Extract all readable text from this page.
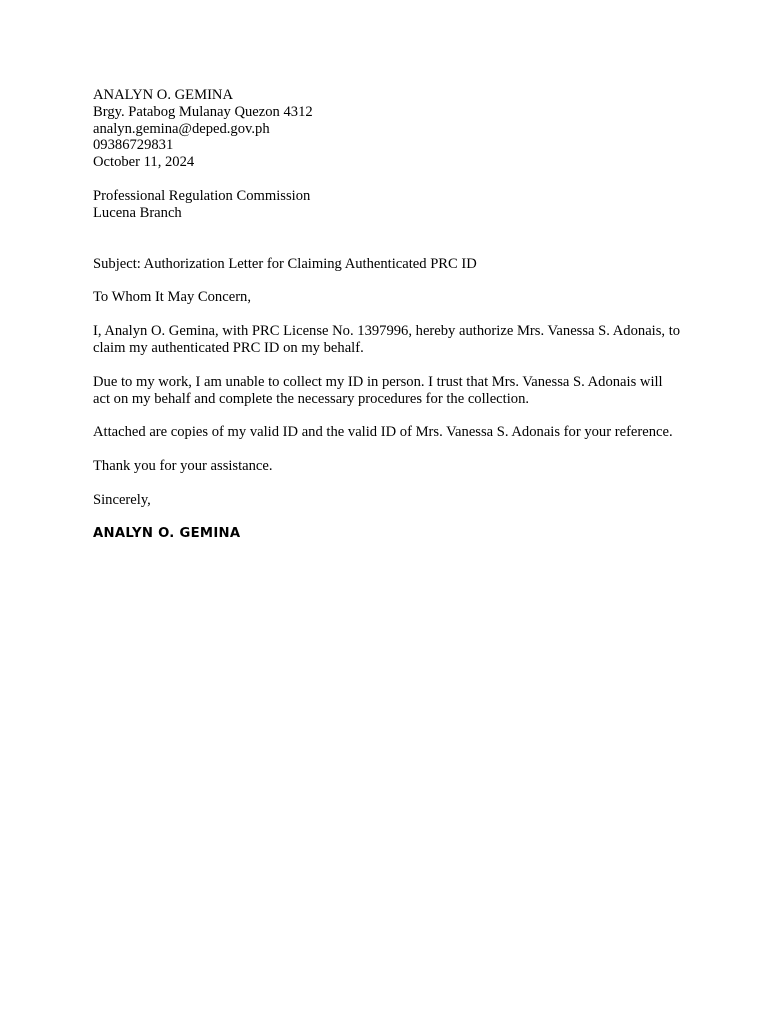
ANALYN O. GEMINA
Brgy. Patabog Mulanay Quezon 4312
analyn.gemina@deped.gov.ph
09386729831
October 11, 2024
Professional Regulation Commission
Lucena Branch
Subject: Authorization Letter for Claiming Authenticated PRC ID
To Whom It May Concern,

I, Analyn O. Gemina, with PRC License No. 1397996, hereby authorize Mrs. Vanessa S. Adonais, to claim my authenticated PRC ID on my behalf.

Due to my work, I am unable to collect my ID in person. I trust that Mrs. Vanessa S. Adonais will act on my behalf and complete the necessary procedures for the collection.

Attached are copies of my valid ID and the valid ID of Mrs. Vanessa S. Adonais for your reference.

Thank you for your assistance.

Sincerely,
ANALYN O. GEMINA
